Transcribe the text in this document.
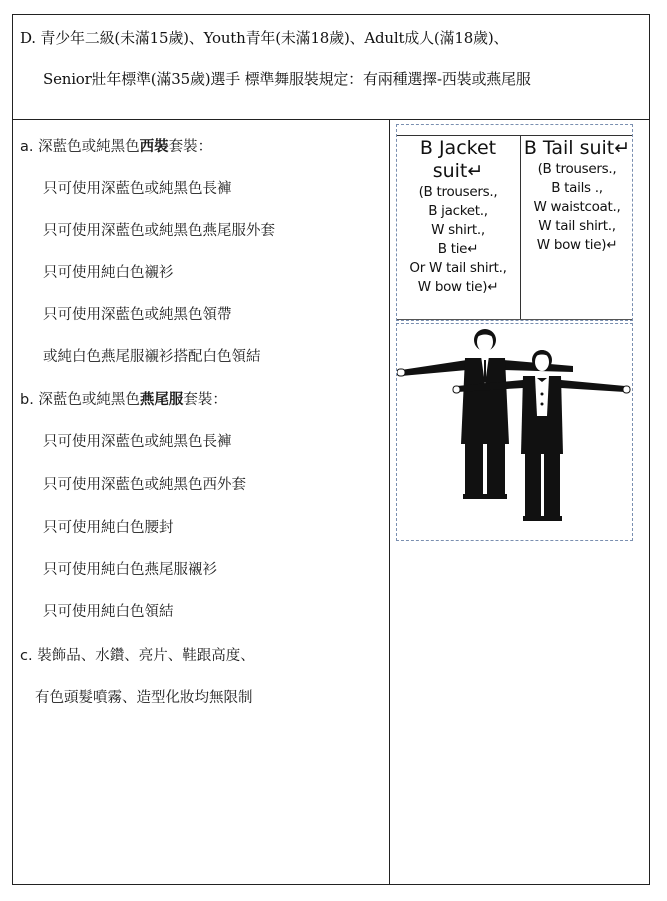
D. 青少年二級(未滿15歲)、Youth青年(未滿18歲)、Adult成人(滿18歲)、
Senior壯年標準(滿35歲)選手 標準舞服裝規定：有兩種選擇-西裝或燕尾服
a. 深藍色或純黑色西裝套裝：
只可使用深藍色或純黑色長褲
只可使用深藍色或純黑色燕尾服外套
只可使用純白色襯衫
只可使用深藍色或純黑色領帶
或純白色燕尾服襯衫搭配白色領結
b. 深藍色或純黑色燕尾服套裝：
只可使用深藍色或純黑色長褲
只可使用深藍色或純黑色西外套
只可使用純白色腰封
只可使用純白色燕尾服襯衫
只可使用純白色領結
c. 裝飾品、水鑽、亮片、鞋跟高度、
有色頭髮噴霧、造型化妝均無限制
B Jacket
suit↵
(B trousers.,
B jacket.,
W shirt.,
B tie↵
Or W tail shirt.,
W bow tie)↵
B Tail suit↵
(B trousers.,
B tails .,
W waistcoat.,
W tail shirt.,
W bow tie)↵
